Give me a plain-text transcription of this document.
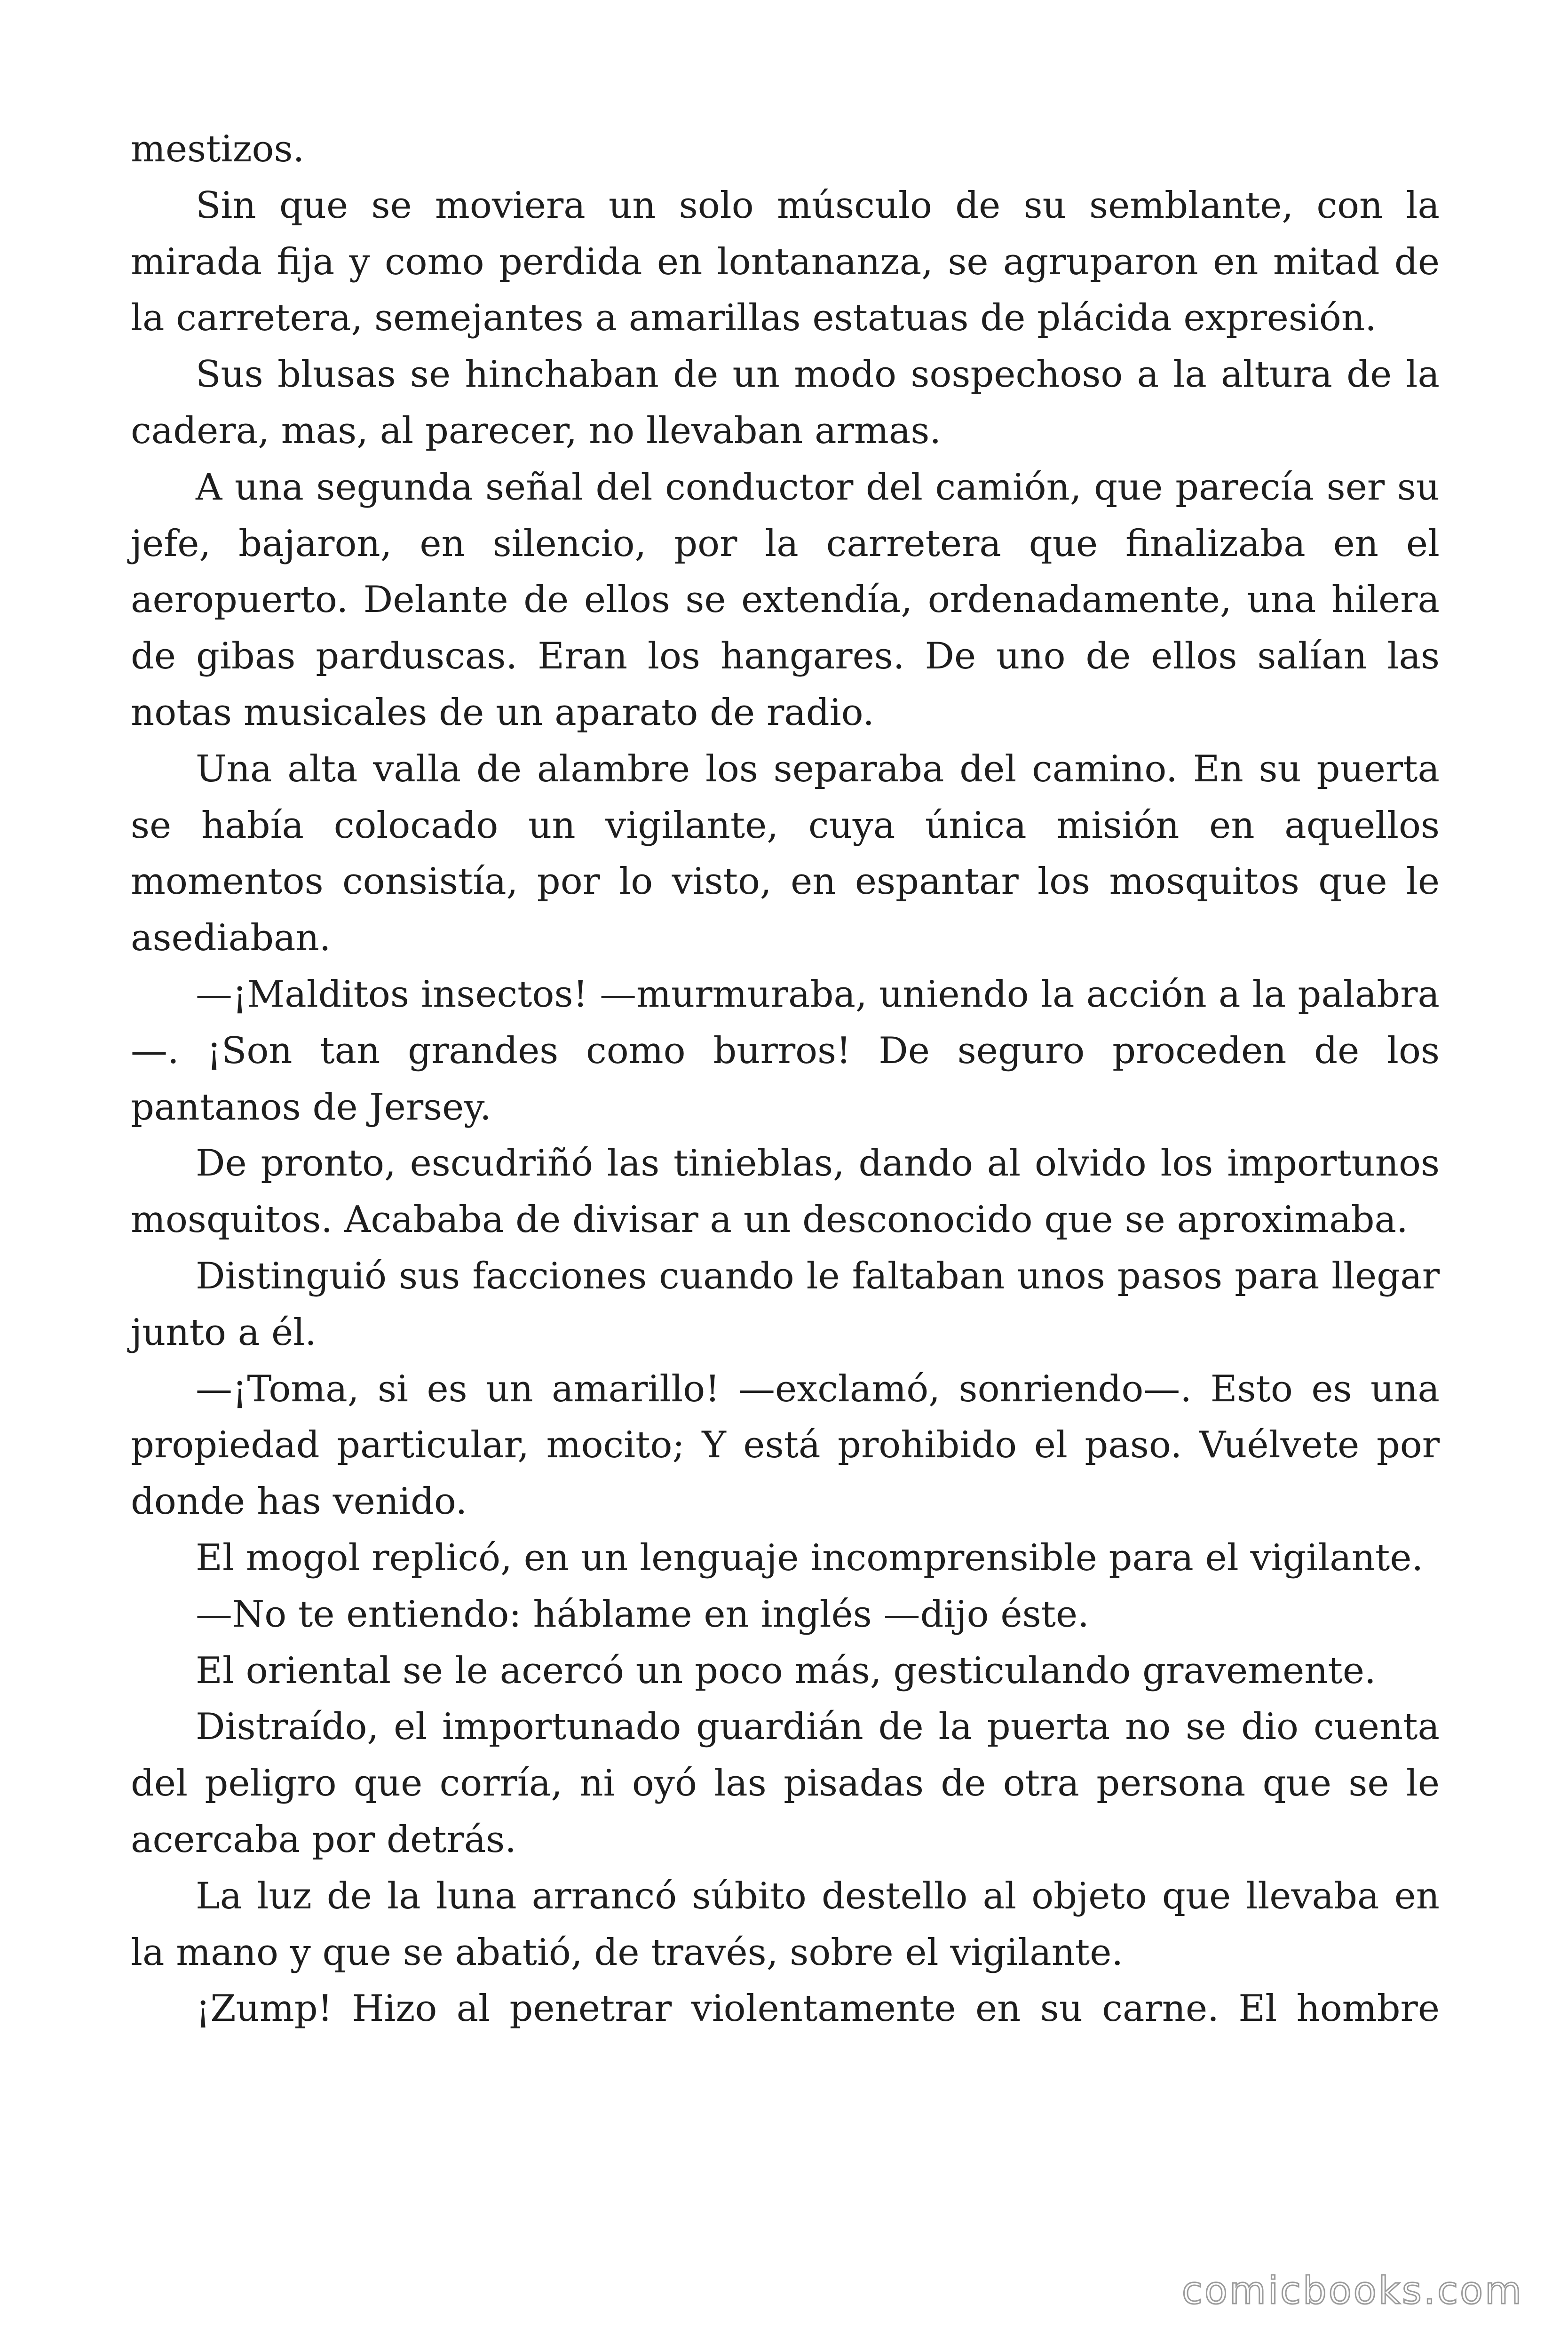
mestizos.

Sin que se moviera un solo músculo de su semblante, con la mirada fija y como perdida en lontananza, se agruparon en mitad de la carretera, semejantes a amarillas estatuas de plácida expresión.

Sus blusas se hinchaban de un modo sospechoso a la altura de la cadera, mas, al parecer, no llevaban armas.

A una segunda señal del conductor del camión, que parecía ser su jefe, bajaron, en silencio, por la carretera que finalizaba en el aeropuerto. Delante de ellos se extendía, ordenadamente, una hilera de gibas parduscas. Eran los hangares. De uno de ellos salían las notas musicales de un aparato de radio.

Una alta valla de alambre los separaba del camino. En su puerta se había colocado un vigilante, cuya única misión en aquellos momentos consistía, por lo visto, en espantar los mosquitos que le asediaban.

—¡Malditos insectos! —murmuraba, uniendo la acción a la palabra—. ¡Son tan grandes como burros! De seguro proceden de los pantanos de Jersey.

De pronto, escudriñó las tinieblas, dando al olvido los importunos mosquitos. Acababa de divisar a un desconocido que se aproximaba.

Distinguió sus facciones cuando le faltaban unos pasos para llegar junto a él.

—¡Toma, si es un amarillo! —exclamó, sonriendo—. Esto es una propiedad particular, mocito; Y está prohibido el paso. Vuélvete por donde has venido.

El mogol replicó, en un lenguaje incomprensible para el vigilante.

—No te entiendo: háblame en inglés —dijo éste.

El oriental se le acercó un poco más, gesticulando gravemente.

Distraído, el importunado guardián de la puerta no se dio cuenta del peligro que corría, ni oyó las pisadas de otra persona que se le acercaba por detrás.

La luz de la luna arrancó súbito destello al objeto que llevaba en la mano y que se abatió, de través, sobre el vigilante.

¡Zump! Hizo al penetrar violentamente en su carne. El hombre

comicbooks.com
